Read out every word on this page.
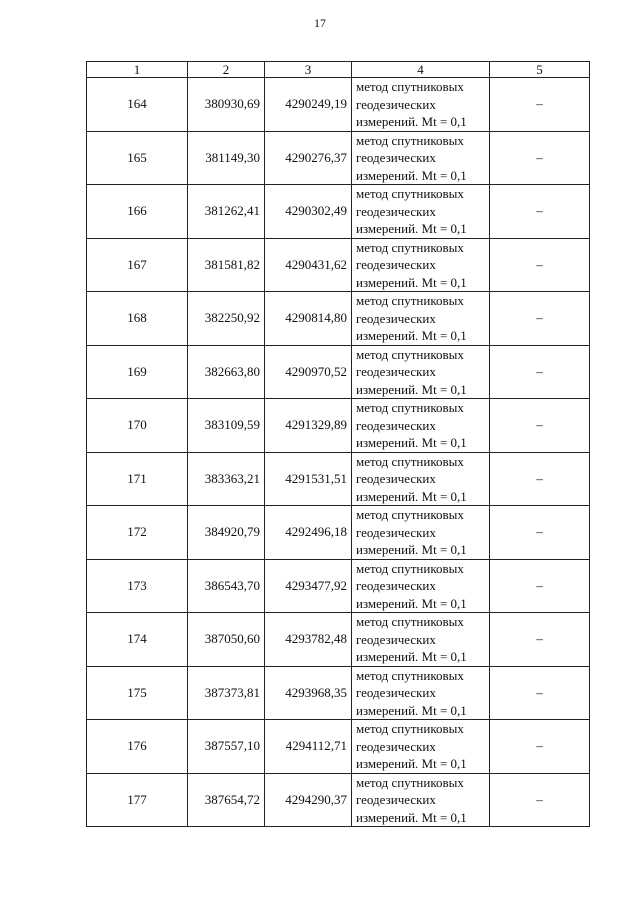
17
1	2	3	4	5
164	380930,69	4290249,19	метод спутниковых
геодезических
измерений. Mt = 0,1	–
165	381149,30	4290276,37	метод спутниковых
геодезических
измерений. Mt = 0,1	–
166	381262,41	4290302,49	метод спутниковых
геодезических
измерений. Mt = 0,1	–
167	381581,82	4290431,62	метод спутниковых
геодезических
измерений. Mt = 0,1	–
168	382250,92	4290814,80	метод спутниковых
геодезических
измерений. Mt = 0,1	–
169	382663,80	4290970,52	метод спутниковых
геодезических
измерений. Mt = 0,1	–
170	383109,59	4291329,89	метод спутниковых
геодезических
измерений. Mt = 0,1	–
171	383363,21	4291531,51	метод спутниковых
геодезических
измерений. Mt = 0,1	–
172	384920,79	4292496,18	метод спутниковых
геодезических
измерений. Mt = 0,1	–
173	386543,70	4293477,92	метод спутниковых
геодезических
измерений. Mt = 0,1	–
174	387050,60	4293782,48	метод спутниковых
геодезических
измерений. Mt = 0,1	–
175	387373,81	4293968,35	метод спутниковых
геодезических
измерений. Mt = 0,1	–
176	387557,10	4294112,71	метод спутниковых
геодезических
измерений. Mt = 0,1	–
177	387654,72	4294290,37	метод спутниковых
геодезических
измерений. Mt = 0,1	–
